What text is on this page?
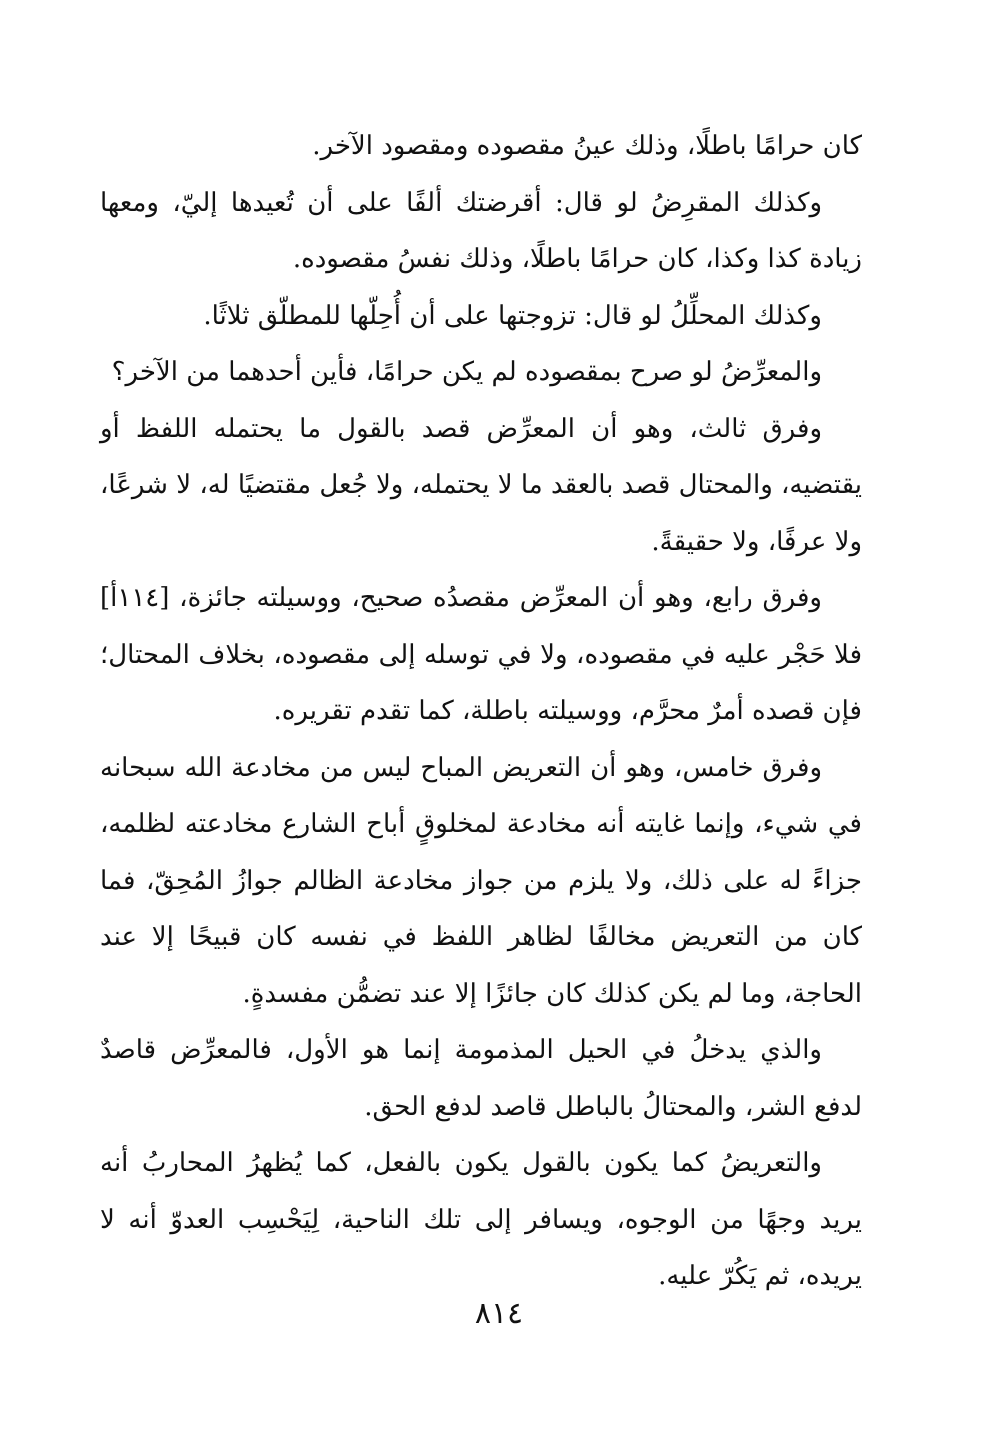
كان حرامًا باطلًا، وذلك عينُ مقصوده ومقصود الآخر.

وكذلك المقرِضُ لو قال: أقرضتك ألفًا على أن تُعيدها إليّ، ومعها زيادة كذا وكذا، كان حرامًا باطلًا، وذلك نفسُ مقصوده.

وكذلك المحلِّلُ لو قال: تزوجتها على أن أُحِلّها للمطلّق ثلاثًا.

والمعرِّضُ لو صرح بمقصوده لم يكن حرامًا، فأين أحدهما من الآخر؟

وفرق ثالث، وهو أن المعرِّض قصد بالقول ما يحتمله اللفظ أو يقتضيه، والمحتال قصد بالعقد ما لا يحتمله، ولا جُعل مقتضيًا له، لا شرعًا، ولا عرفًا، ولا حقيقةً.

وفرق رابع، وهو أن المعرِّض مقصدُه صحيح، ووسيلته جائزة، [١١٤أ] فلا حَجْر عليه في مقصوده، ولا في توسله إلى مقصوده، بخلاف المحتال؛ فإن قصده أمرٌ محرَّم، ووسيلته باطلة، كما تقدم تقريره.

وفرق خامس، وهو أن التعريض المباح ليس من مخادعة الله سبحانه في شيء، وإنما غايته أنه مخادعة لمخلوقٍ أباح الشارع مخادعته لظلمه، جزاءً له على ذلك، ولا يلزم من جواز مخادعة الظالم جوازُ المُحِقّ، فما كان من التعريض مخالفًا لظاهر اللفظ في نفسه كان قبيحًا إلا عند الحاجة، وما لم يكن كذلك كان جائزًا إلا عند تضمُّن مفسدةٍ.

والذي يدخلُ في الحيل المذمومة إنما هو الأول، فالمعرِّض قاصدٌ لدفع الشر، والمحتالُ بالباطل قاصد لدفع الحق.

والتعريضُ كما يكون بالقول يكون بالفعل، كما يُظهرُ المحاربُ أنه يريد وجهًا من الوجوه، ويسافر إلى تلك الناحية، لِيَحْسِب العدوّ أنه لا يريده، ثم يَكُرّ عليه.

٨١٤
